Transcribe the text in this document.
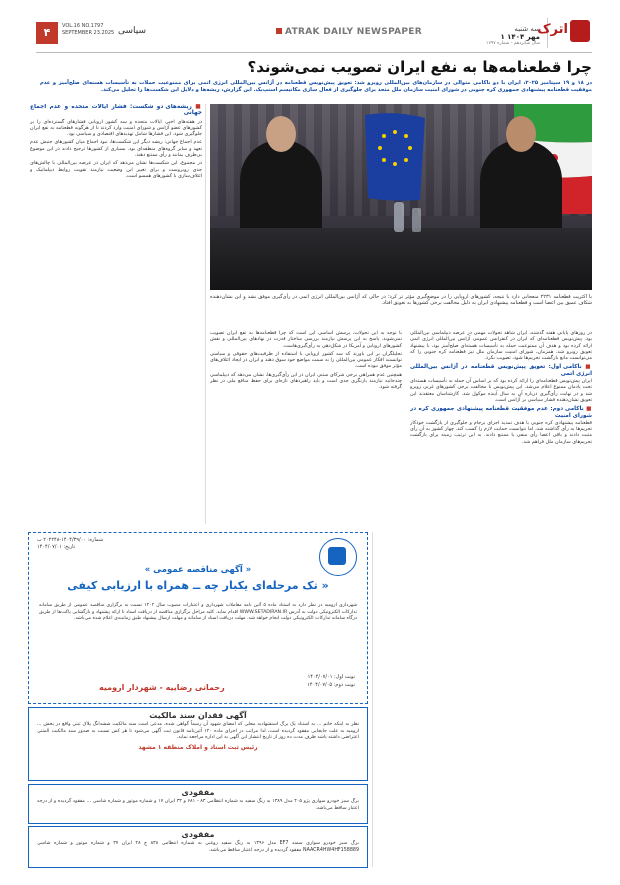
۴	VOL.16 NO.1797
SEPTEMBER 23.2025 سیاسی	ATRAK DAILY NEWSPAPER	سه شنبه
۱ مهر ۱۴۰۴
سال شانزدهم - شماره ۱۷۹۷
اترک
چرا قطعنامه‌ها به نفع ایران تصویب نمی‌شوند؟
در ۱۸ و ۱۹ سپتامبر ۲۰۲۵، ایران با دو ناکامی متوالی در سازمان‌های بین‌المللی روبرو شد: تعویق پیش‌نویس قطعنامه در آژانس بین‌المللی انرژی اتمی برای ممنوعیت حملات به تأسیسات هسته‌ای صلح‌آمیز و عدم موفقیت قطعنامه پیشنهادی جمهوری کره جنوبی در شورای امنیت سازمان ملل متحد برای جلوگیری از فعال سازی مکانیسم اسنپ‌بک. این گزارش، ریشه‌ها و دلایل این شکست‌ها را تحلیل می‌کند.
با اکثریت قطعنامه ۲۲۳۱ منعجابی دارد با نتیجه، کشورهای اروپایی را در موضع‌گیری مؤثر تر کرد؛ در حالی که آژانس بین‌المللی انرژی اتمی در رأی‌گیری موفق نشد و این نشان‌دهنده شکاف عمیق بین اعضا است و قطعنامه پیشنهادی ایران به دلیل مخالفت برخی کشورها به تعویق افتاد.

در روزهای پایانی هفته گذشته، ایران شاهد تحولات مهمی در عرصه دیپلماسی بین‌المللی بود. پیش‌نویس قطعنامه‌ای که ایران در کنفرانس عمومی آژانس بین‌المللی انرژی اتمی ارائه کرده بود و هدف آن ممنوعیت حمله به تأسیسات هسته‌ای صلح‌آمیز بود، با پیشنهاد تعویق روبرو شد. همزمان، شورای امنیت سازمان ملل نیز قطعنامه کره جنوبی را که می‌توانست مانع بازگشت تحریم‌ها شود، تصویب نکرد.

■ ناکامی اول: تعویق پیش‌نویس قطعنامه در آژانس بین‌المللی انرژی اتمی

ایران پیش‌نویس قطعنامه‌ای را ارائه کرده بود که بر اساس آن حمله به تأسیسات هسته‌ای تحت پادمان ممنوع اعلام می‌شد. این پیش‌نویس با مخالفت برخی کشورهای غربی روبرو شد و در نهایت رأی‌گیری درباره آن به سال آینده موکول شد. کارشناسان معتقدند این تعویق نشان‌دهنده فشار سیاسی بر آژانس است.

■ ناکامی دوم: عدم موفقیت قطعنامه پیشنهادی جمهوری کره در شورای امنیت

قطعنامه پیشنهادی کره جنوبی با هدف تمدید اجرای برجام و جلوگیری از بازگشت خودکار تحریم‌ها به رأی گذاشته شد، اما نتوانست حمایت لازم را کسب کند. چهار کشور به آن رأی مثبت دادند و باقی اعضا رأی منفی یا ممتنع دادند. به این ترتیب زمینه برای بازگشت تحریم‌های سازمان ملل فراهم شد.

با توجه به این تحولات، پرسش اساسی این است که چرا قطعنامه‌ها به نفع ایران تصویب نمی‌شوند. پاسخ به این پرسش نیازمند بررسی ساختار قدرت در نهادهای بین‌المللی و نقش کشورهای اروپایی و آمریکا در شکل‌دهی به رأی‌گیری‌هاست.

تحلیلگران بر این باورند که سه کشور اروپایی با استفاده از ظرفیت‌های حقوقی و سیاسی توانستند افکار عمومی بین‌المللی را به سمت مواضع خود سوق دهند و ایران در ایجاد ائتلاف‌های مؤثر موفق نبوده است.

همچنین عدم همراهی برخی شرکای سنتی ایران در این رأی‌گیری‌ها، نشان می‌دهد که دیپلماسی چندجانبه نیازمند بازنگری جدی است و باید راهبردهای تازه‌ای برای حفظ منافع ملی در نظر گرفته شود.

■ ریشه‌های دو شکست: فشار ایالات متحده و عدم اجماع جهانی

در هفته‌های اخیر، ایالات متحده و سه کشور اروپایی فشارهای گسترده‌ای را بر کشورهای عضو آژانس و شورای امنیت وارد کردند تا از هرگونه قطعنامه به نفع ایران جلوگیری شود. این فشارها شامل تهدیدهای اقتصادی و سیاسی بود.

عدم اجماع جهانی: ریشه دیگر این شکست‌ها، نبود اجماع میان کشورهای جنبش عدم تعهد و سایر گروه‌های منطقه‌ای بود. بسیاری از کشورها ترجیح دادند در این موضوع بی‌طرف بمانند و رأی ممتنع دهند.

در مجموع، این شکست‌ها نشان می‌دهد که ایران در عرصه بین‌المللی با چالش‌های جدی روبروست و برای تغییر این وضعیت نیازمند تقویت روابط دیپلماتیک و ائتلاف‌سازی با کشورهای همسو است.

شماره: ۱۴۰۴/۳۹/۰۰-۲۰۲۲۴۸ ب
تاریخ: ۱۴۰۴/۰۷/۰۱
« آگهی مناقصه عمومی »
تک مرحله‌ای یکبار چه ــ همراه با ارزیابی کیفی »
شهرداری ارومیه در نظر دارد به استناد ماده ۵ آئین نامه معاملات شهرداری و اعتبارات مصوب سال ۱۴۰۴ نسبت به برگزاری مناقصه عمومی از طریق سامانه تدارکات الکترونیکی دولت به آدرس WWW.SETADIRAN.IR اقدام نماید. کلیه مراحل برگزاری مناقصه از دریافت اسناد تا ارائه پیشنهاد و بازگشایی پاکت‌ها از طریق درگاه سامانه تدارکات الکترونیکی دولت انجام خواهد شد. مهلت دریافت اسناد از سامانه و مهلت ارسال پیشنهاد طبق زمانبندی اعلام شده می‌باشد.
نوبت اول: ۱۴۰۴/۰۷/۰۱
نوبت دوم: ۱۴۰۴/۰۷/۰۵
رحمانی رضاییه - شهردار ارومیه
آگهی فقدان سند مالکیت
نظر به اینکه خانم ... به استناد یک برگ استشهادیه محلی که امضای شهود آن رسماً گواهی شده، مدعی است سند مالکیت ششدانگ پلاک ثبتی واقع در بخش ... ارومیه به علت جابجایی مفقود گردیده است، لذا مراتب در اجرای ماده ۱۲۰ آئین‌نامه قانون ثبت آگهی می‌شود تا هر کس نسبت به صدور سند مالکیت المثنی اعتراضی داشته باشد ظرف مدت ده روز از تاریخ انتشار این آگهی به این اداره مراجعه نماید.
رئیس ثبت اسناد و املاک منطقه ۱ مشهد
مفقودی
برگ سبز خودرو سواری پژو ۴۰۵ مدل ۱۳۸۹ به رنگ سفید به شماره انتظامی ۸۳ - ۶۸۱ و ۳۳ ایران ۱۷ و شماره موتور و شماره شاسی ... مفقود گردیده و از درجه اعتبار ساقط می‌باشد.
مفقودی
برگ سبز خودرو سواری سمند EF7 مدل ۱۳۹۶ به رنگ سفید روغنی به شماره انتظامی ۸۳۸ ج ۴۸ ایران ۳۷ و شماره موتور و شماره شاسی NAACR4HW4HF158889 مفقود گردیده و از درجه اعتبار ساقط می‌باشد.
